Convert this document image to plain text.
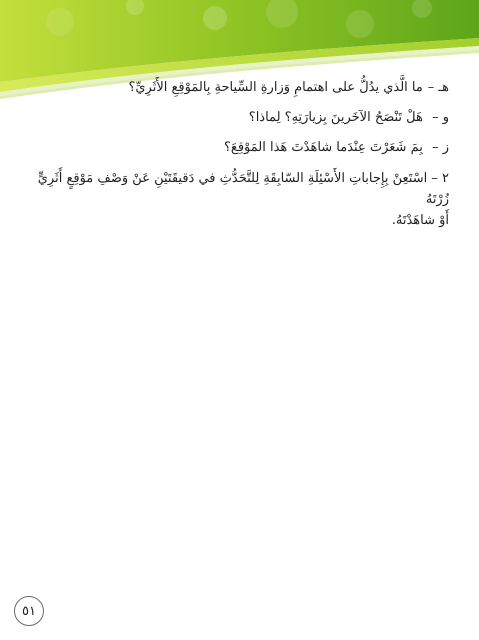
هـ – ما الَّذي يدُلُّ على اهتمامِ وَزارةِ السِّياحةِ بِالمَوْقِعِ الأَثَرِيِّ؟
و – هَلْ تَنْصَحُ الآخَرينَ بِزيارَتِهِ؟ لِماذا؟
ز – بِمَ شَعَرْتَ عِنْدَما شاهَدْتَ هَذا المَوْقِعَ؟
٢ – اسْتَعِنْ بِإِجاباتِ الأَسْئِلَةِ السّابِقَةِ لِلتَّحَدُّثِ في دَقيقَتَيْنِ عَنْ وَصْفِ مَوْقِعٍ أَثَرِيٍّ زُرْتَهُ
أَوْ شاهَدْتَهُ.
٥١
